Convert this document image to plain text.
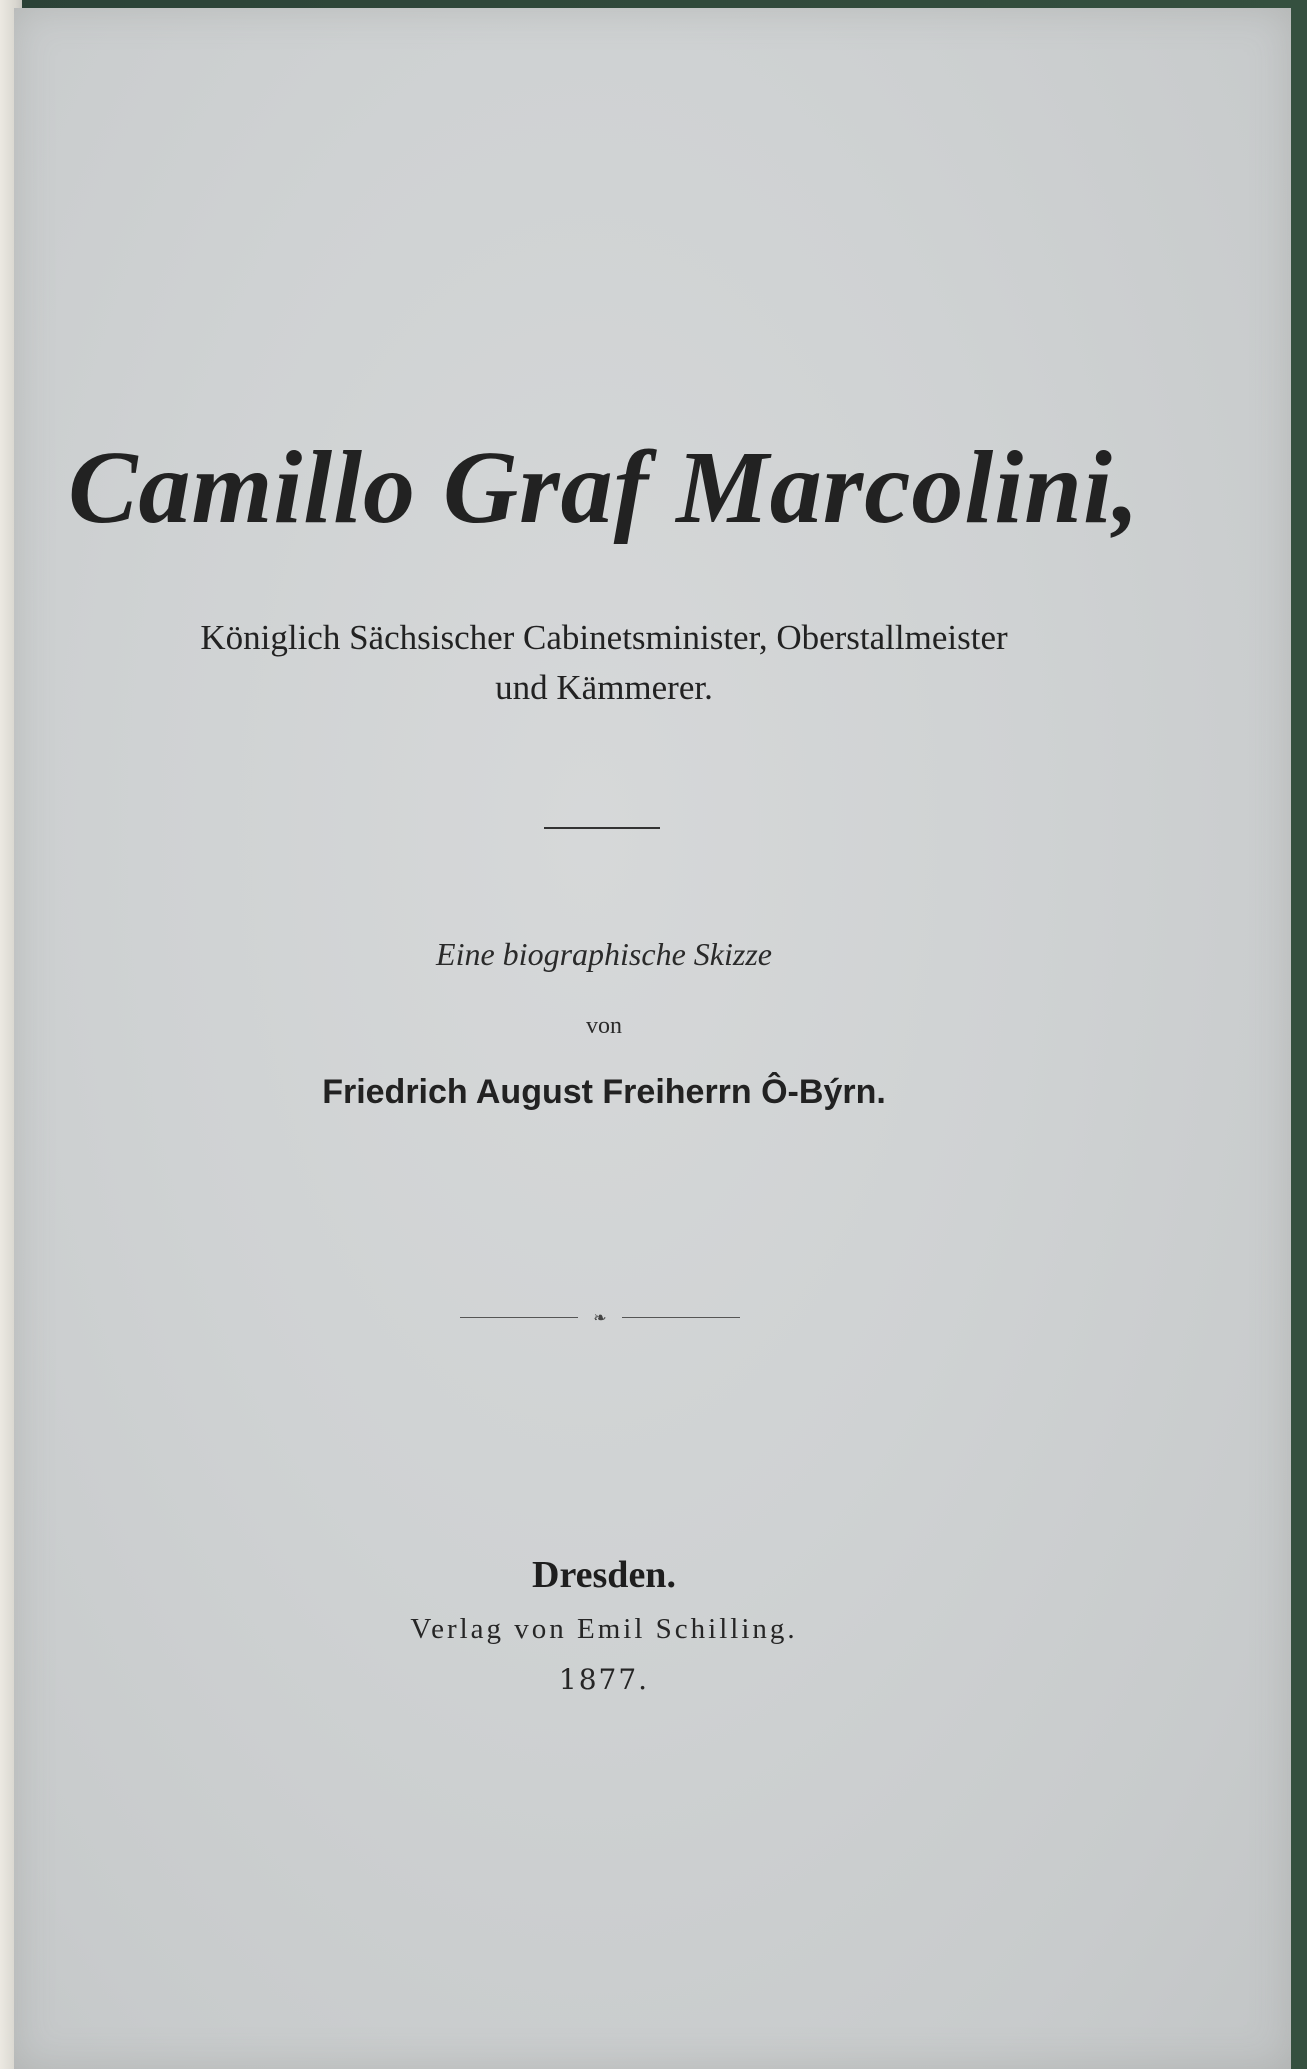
Camillo Graf Marcolini,
Königlich Sächsischer Cabinetsminister, Oberstallmeister
und Kämmerer.
Eine biographische Skizze
von
Friedrich August Freiherrn Ô-Býrn.
❧
Dresden.
Verlag von Emil Schilling.
1877.
